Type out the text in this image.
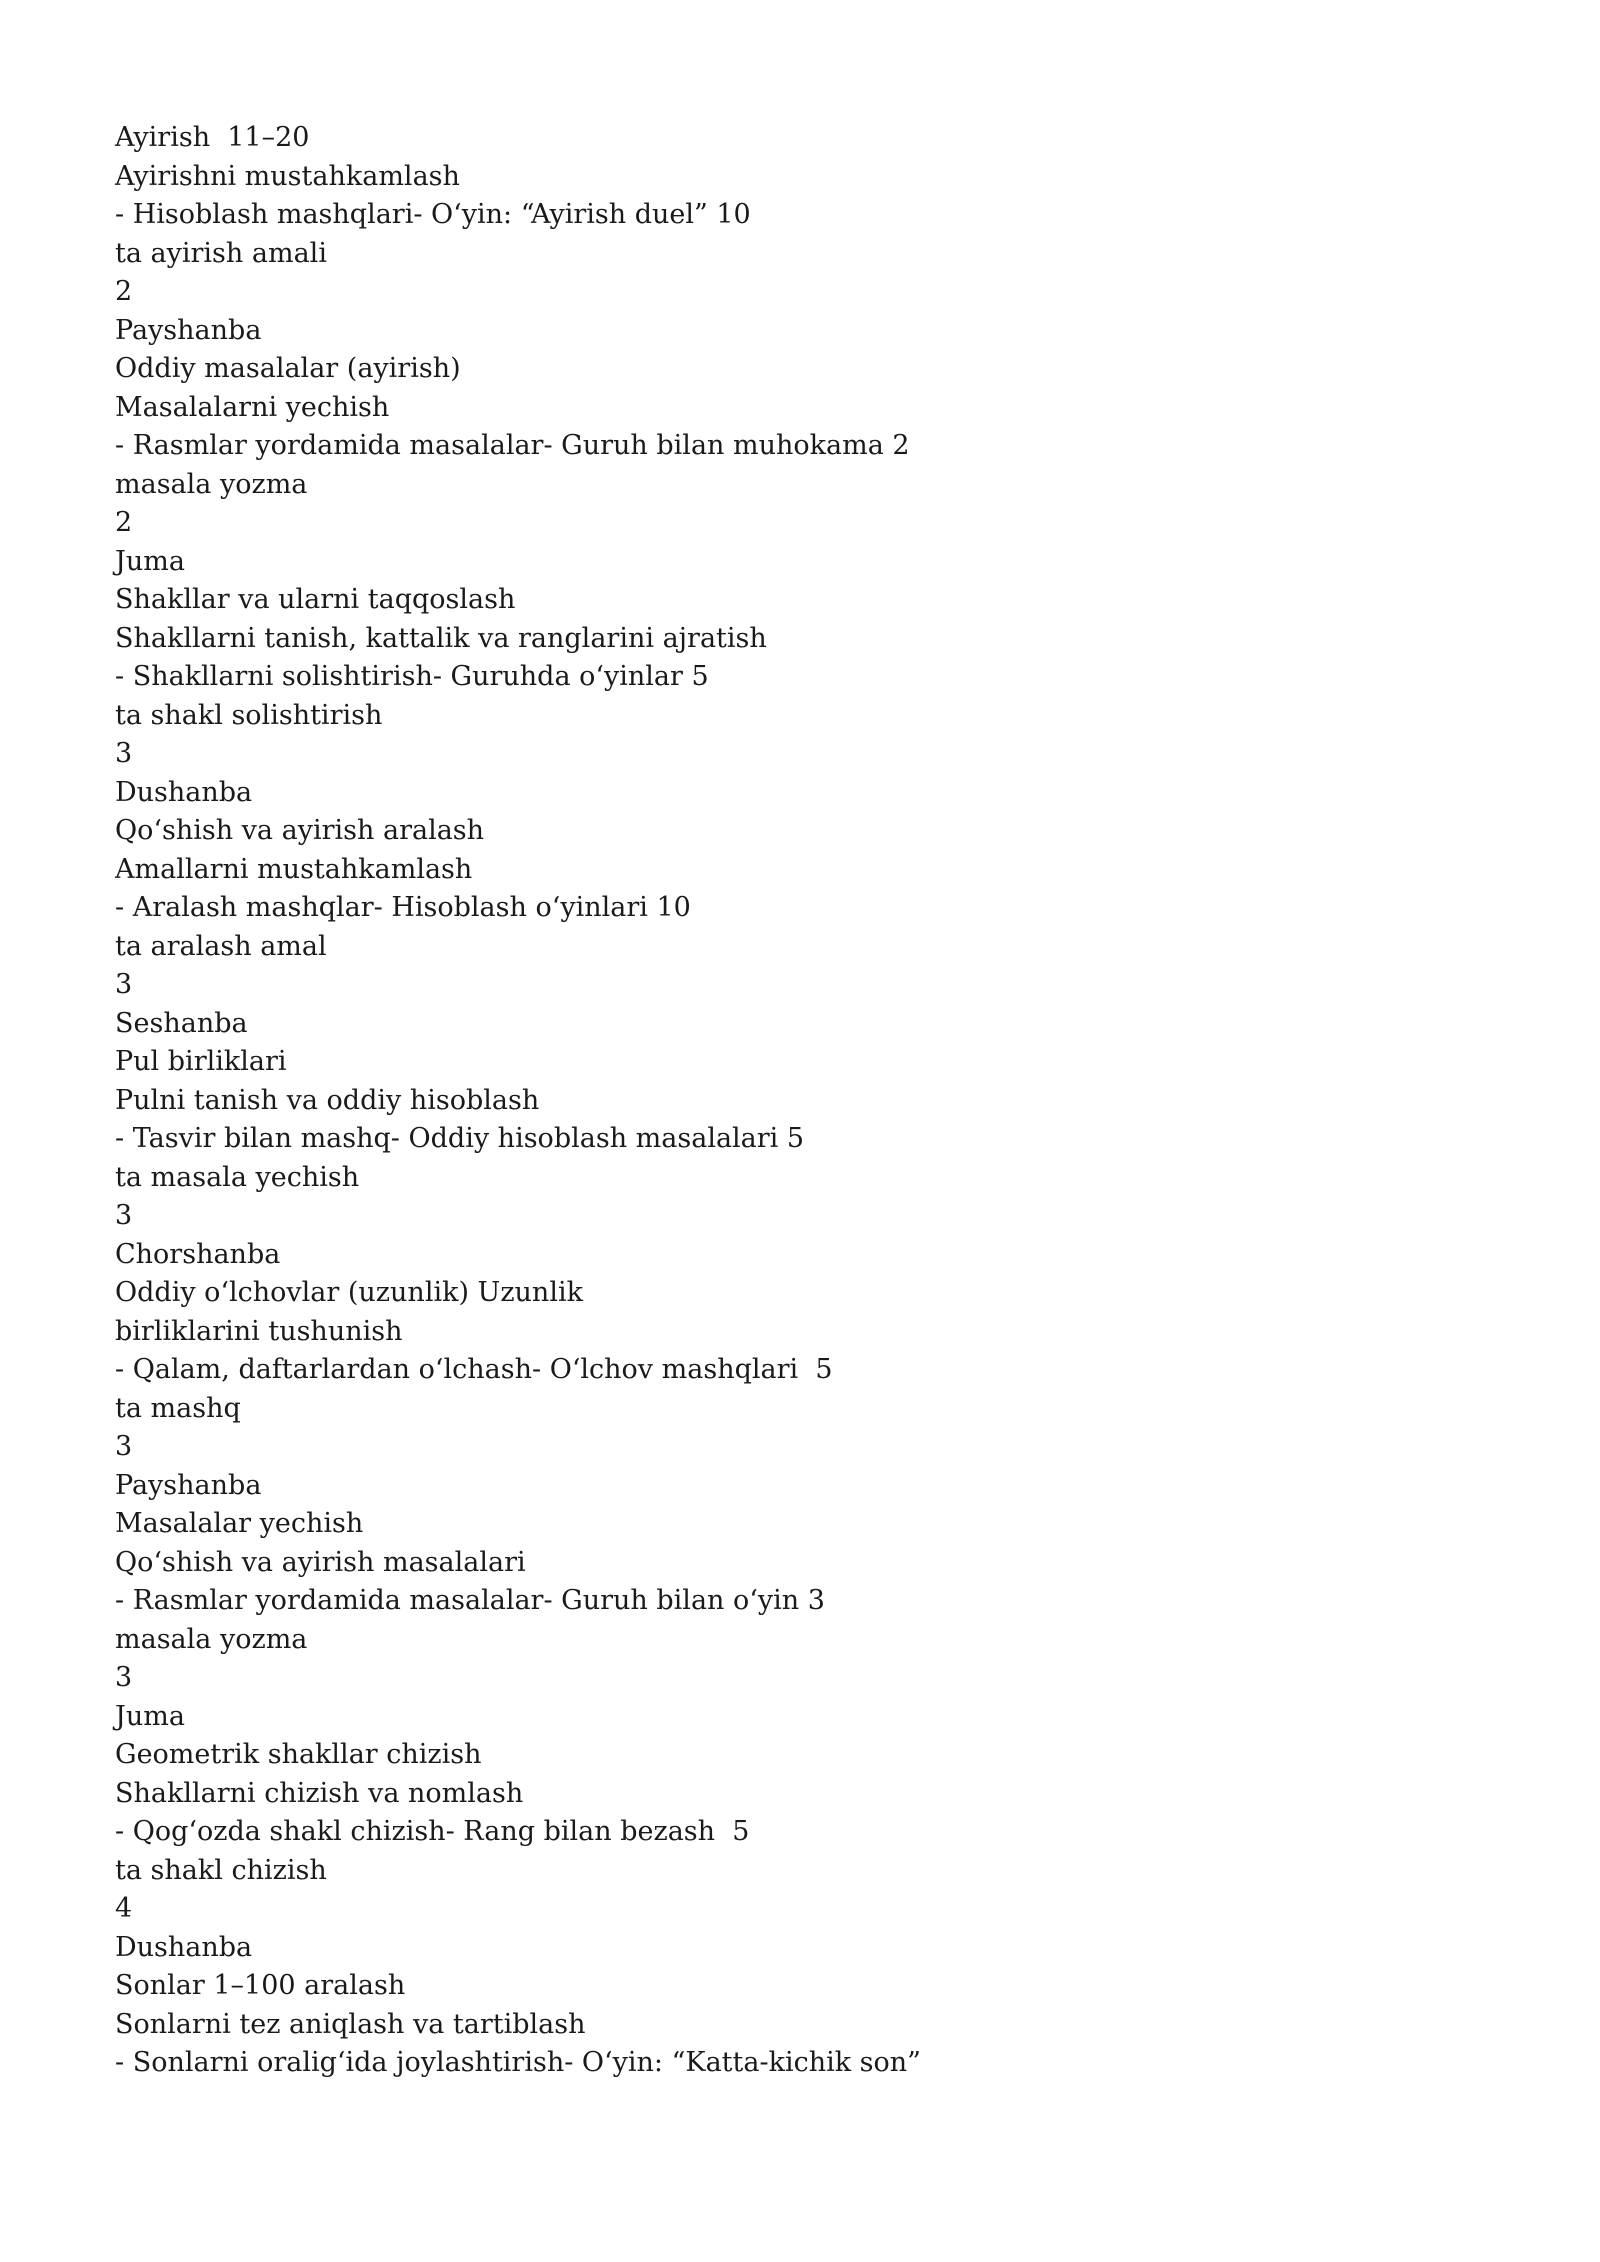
Ayirish  11–20
Ayirishni mustahkamlash
- Hisoblash mashqlari- O‘yin: “Ayirish duel” 10
ta ayirish amali
2
Payshanba
Oddiy masalalar (ayirish)
Masalalarni yechish
- Rasmlar yordamida masalalar- Guruh bilan muhokama 2
masala yozma
2
Juma
Shakllar va ularni taqqoslash
Shakllarni tanish, kattalik va ranglarini ajratish
- Shakllarni solishtirish- Guruhda o‘yinlar 5
ta shakl solishtirish
3
Dushanba
Qo‘shish va ayirish aralash
Amallarni mustahkamlash
- Aralash mashqlar- Hisoblash o‘yinlari 10
ta aralash amal
3
Seshanba
Pul birliklari
Pulni tanish va oddiy hisoblash
- Tasvir bilan mashq- Oddiy hisoblash masalalari 5
ta masala yechish
3
Chorshanba
Oddiy o‘lchovlar (uzunlik) Uzunlik
birliklarini tushunish
- Qalam, daftarlardan o‘lchash- O‘lchov mashqlari  5
ta mashq
3
Payshanba
Masalalar yechish
Qo‘shish va ayirish masalalari
- Rasmlar yordamida masalalar- Guruh bilan o‘yin 3
masala yozma
3
Juma
Geometrik shakllar chizish
Shakllarni chizish va nomlash
- Qog‘ozda shakl chizish- Rang bilan bezash  5
ta shakl chizish
4
Dushanba
Sonlar 1–100 aralash
Sonlarni tez aniqlash va tartiblash
- Sonlarni oralig‘ida joylashtirish- O‘yin: “Katta-kichik son”
